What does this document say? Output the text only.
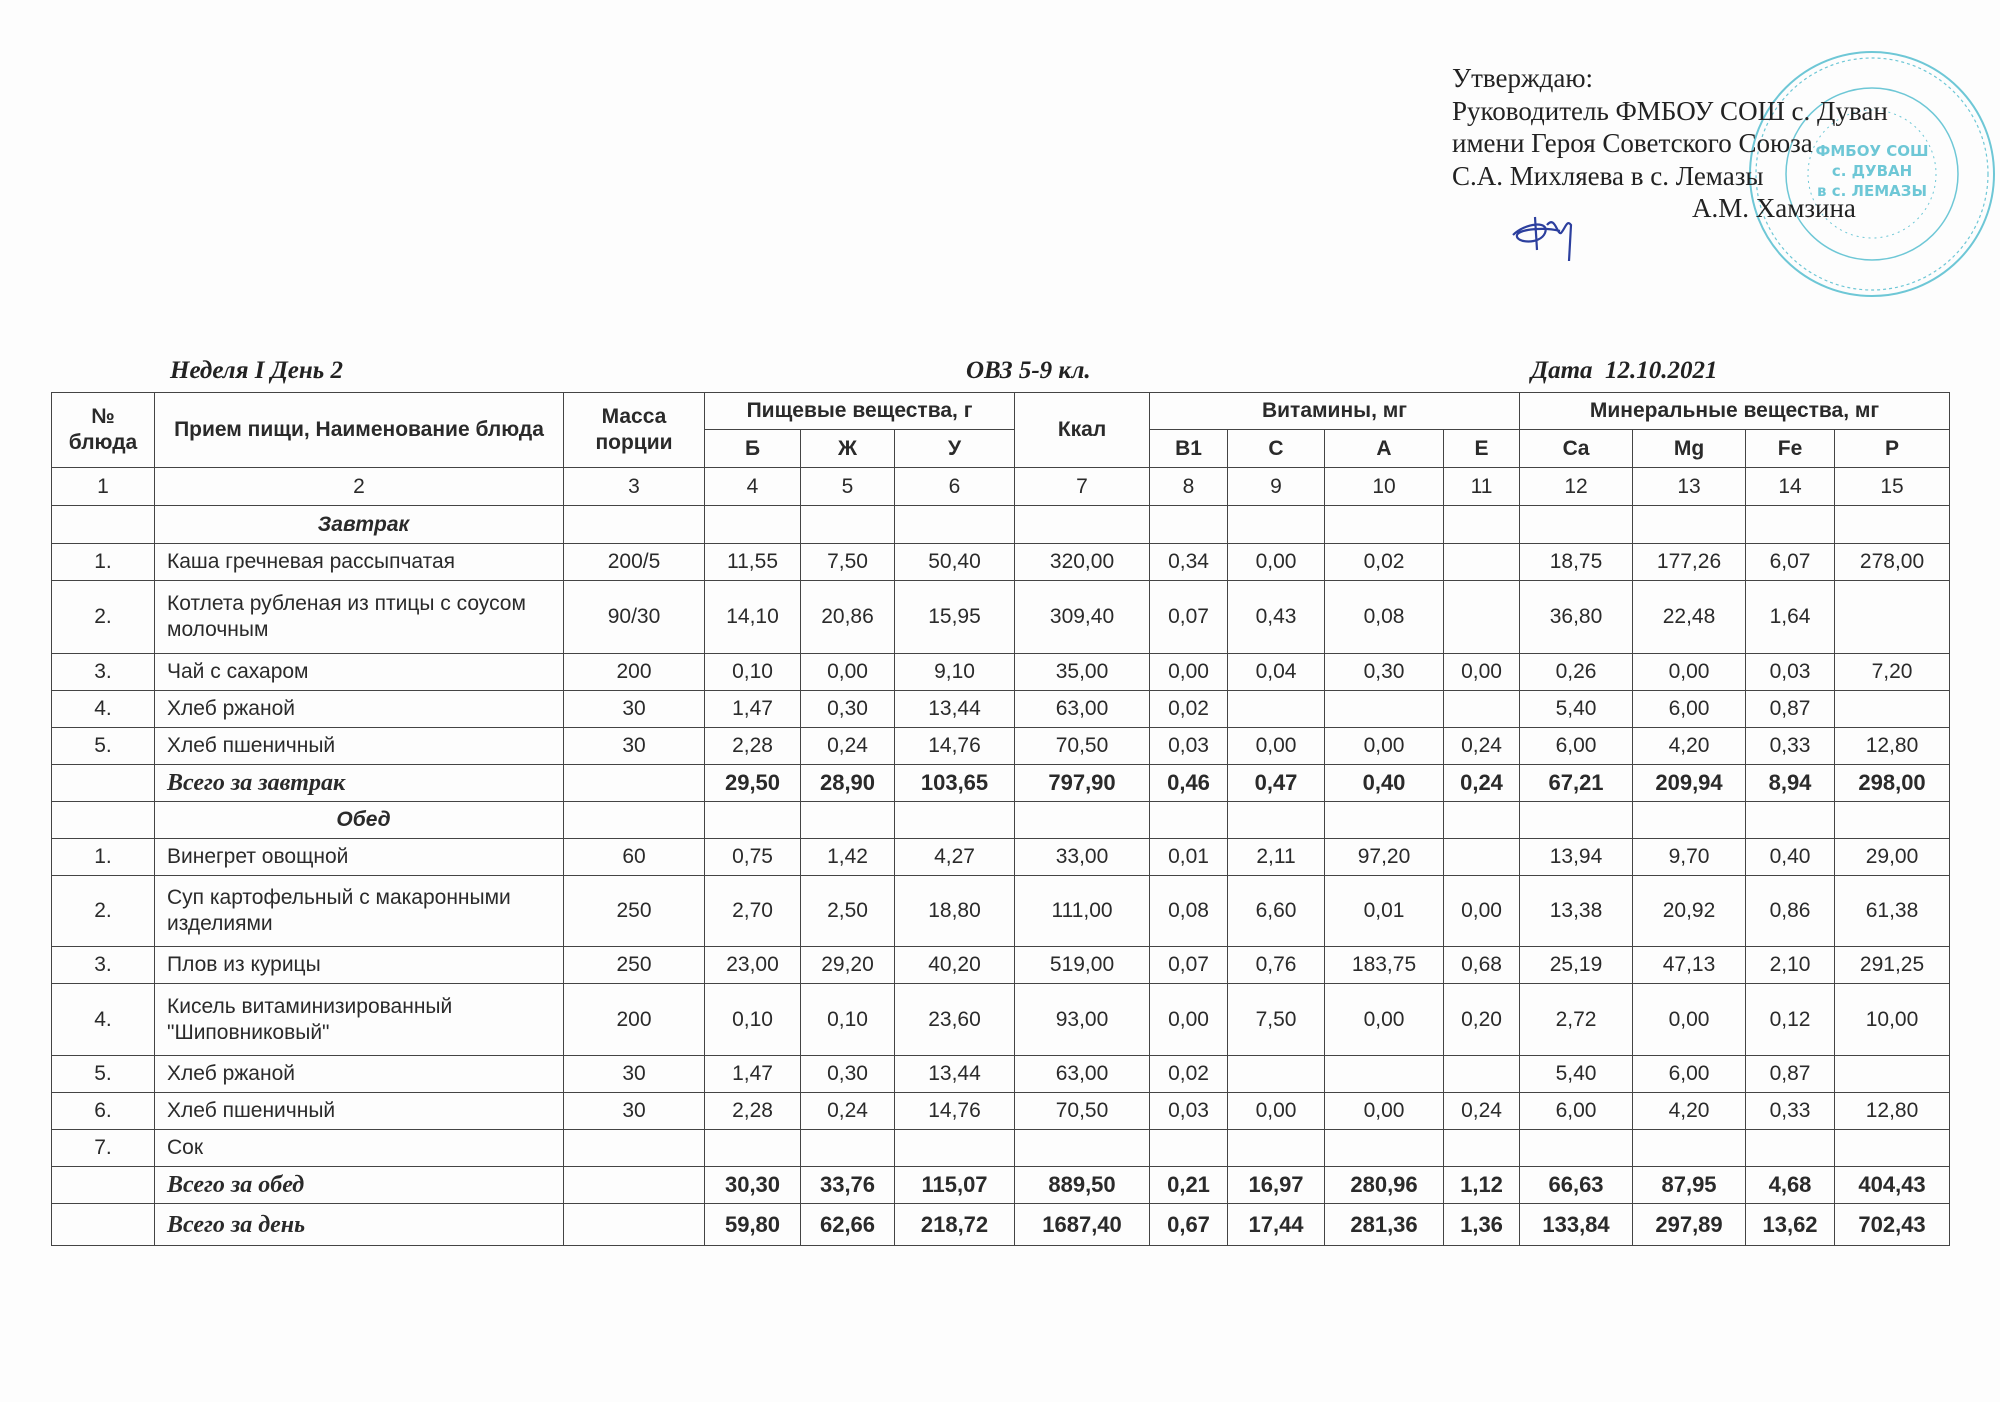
Утверждаю:
Руководитель ФМБОУ СОШ с. Дуван
имени Героя Советского Союза
С.А. Михляева в с. Лемазы
А.М. Хамзина
ФМБОУ СОШ
с. ДУВАН
в с. ЛЕМАЗЫ
Неделя I День 2	ОВЗ 5-9 кл.	Дата  12.10.2021
№ блюда	Прием пищи, Наименование блюда	Масса порции	Пищевые вещества, г			Ккал	Витамины, мг				Минеральные вещества, мг			
			Б	Ж	У		B1	C	A	E	Ca	Mg	Fe	P
1	2	3	4	5	6	7	8	9	10	11	12	13	14	15
	Завтрак													
1.	Каша гречневая рассыпчатая	200/5	11,55	7,50	50,40	320,00	0,34	0,00	0,02		18,75	177,26	6,07	278,00
2.	Котлета рубленая из птицы с соусом молочным	90/30	14,10	20,86	15,95	309,40	0,07	0,43	0,08		36,80	22,48	1,64	
3.	Чай с сахаром	200	0,10	0,00	9,10	35,00	0,00	0,04	0,30	0,00	0,26	0,00	0,03	7,20
4.	Хлеб ржаной	30	1,47	0,30	13,44	63,00	0,02				5,40	6,00	0,87	
5.	Хлеб пшеничный	30	2,28	0,24	14,76	70,50	0,03	0,00	0,00	0,24	6,00	4,20	0,33	12,80
	Всего за завтрак		29,50	28,90	103,65	797,90	0,46	0,47	0,40	0,24	67,21	209,94	8,94	298,00
	Обед													
1.	Винегрет овощной	60	0,75	1,42	4,27	33,00	0,01	2,11	97,20		13,94	9,70	0,40	29,00
2.	Суп картофельный с макаронными изделиями	250	2,70	2,50	18,80	111,00	0,08	6,60	0,01	0,00	13,38	20,92	0,86	61,38
3.	Плов из курицы	250	23,00	29,20	40,20	519,00	0,07	0,76	183,75	0,68	25,19	47,13	2,10	291,25
4.	Кисель витаминизированный "Шиповниковый"	200	0,10	0,10	23,60	93,00	0,00	7,50	0,00	0,20	2,72	0,00	0,12	10,00
5.	Хлеб ржаной	30	1,47	0,30	13,44	63,00	0,02				5,40	6,00	0,87	
6.	Хлеб пшеничный	30	2,28	0,24	14,76	70,50	0,03	0,00	0,00	0,24	6,00	4,20	0,33	12,80
7.	Сок													
	Всего за обед		30,30	33,76	115,07	889,50	0,21	16,97	280,96	1,12	66,63	87,95	4,68	404,43
	Всего за день		59,80	62,66	218,72	1687,40	0,67	17,44	281,36	1,36	133,84	297,89	13,62	702,43
